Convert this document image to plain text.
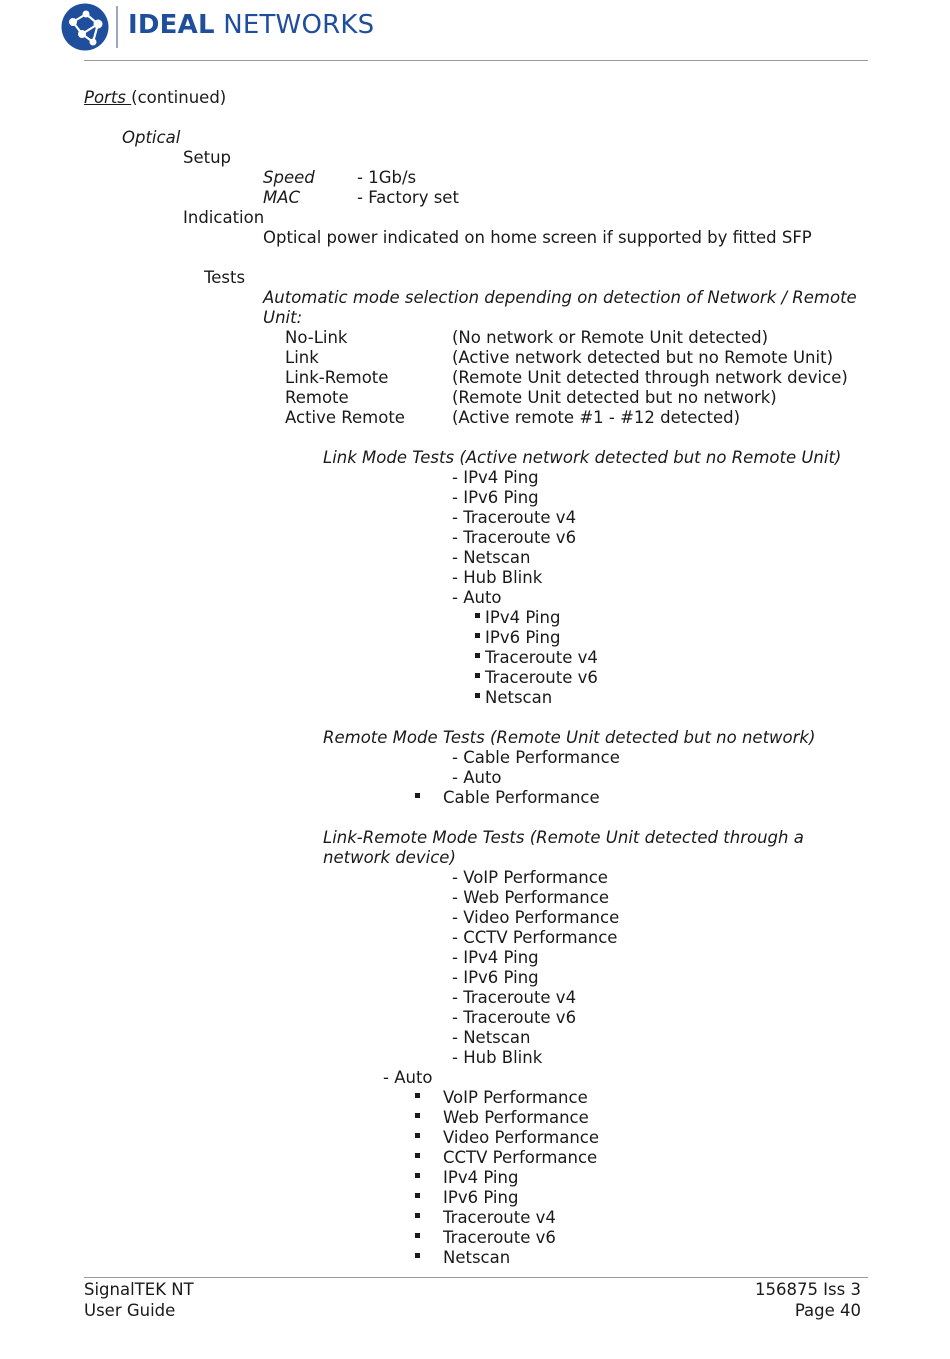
IDEAL NETWORKS
Ports (continued)
Optical
Setup
Speed	- 1Gb/s
MAC	- Factory set
Indication
Optical power indicated on home screen if supported by fitted SFP
Tests
Automatic mode selection depending on detection of Network / Remote
Unit:
No-Link	(No network or Remote Unit detected)
Link	(Active network detected but no Remote Unit)
Link-Remote	(Remote Unit detected through network device)
Remote	(Remote Unit detected but no network)
Active Remote	(Active remote #1 - #12 detected)
Link Mode Tests (Active network detected but no Remote Unit)
- IPv4 Ping
- IPv6 Ping
- Traceroute v4
- Traceroute v6
- Netscan
- Hub Blink
- Auto
IPv4 Ping
IPv6 Ping
Traceroute v4
Traceroute v6
Netscan
Remote Mode Tests (Remote Unit detected but no network)
- Cable Performance
- Auto
Cable Performance
Link-Remote Mode Tests (Remote Unit detected through a
network device)
- VoIP Performance
- Web Performance
- Video Performance
- CCTV Performance
- IPv4 Ping
- IPv6 Ping
- Traceroute v4
- Traceroute v6
- Netscan
- Hub Blink
- Auto
VoIP Performance
Web Performance
Video Performance
CCTV Performance
IPv4 Ping
IPv6 Ping
Traceroute v4
Traceroute v6
Netscan
SignalTEK NT
User Guide
156875 Iss 3
Page 40
